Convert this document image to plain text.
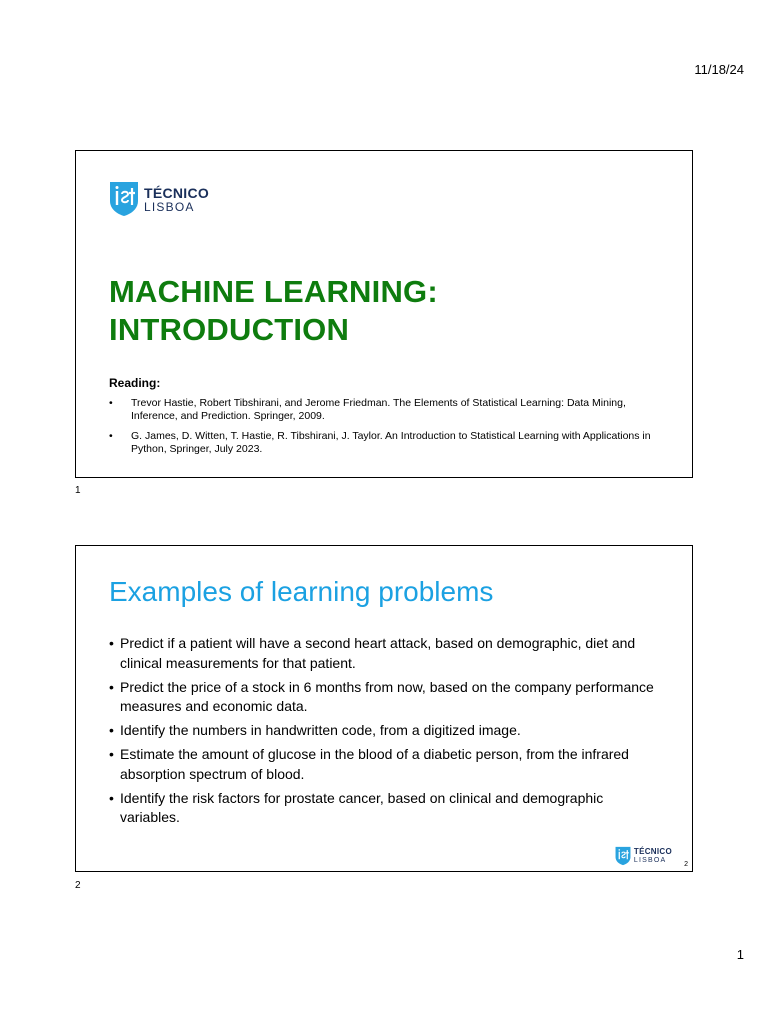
11/18/24
TÉCNICO
LISBOA
MACHINE LEARNING:
INTRODUCTION
Reading:
• Trevor Hastie, Robert Tibshirani, and Jerome Friedman. The Elements of Statistical Learning: Data Mining, Inference, and Prediction. Springer, 2009.
• G. James, D. Witten, T. Hastie, R. Tibshirani, J. Taylor. An Introduction to Statistical Learning with Applications in Python, Springer, July 2023.
1
Examples of learning problems
• Predict if a patient will have a second heart attack, based on demographic, diet and clinical measurements for that patient.
• Predict the price of a stock in 6 months from now, based on the company performance measures and economic data.
• Identify the numbers in handwritten code, from a digitized image.
• Estimate the amount of glucose in the blood of a diabetic person, from the infrared absorption spectrum of blood.
• Identify the risk factors for prostate cancer, based on clinical and demographic variables.
TÉCNICO
LISBOA
2
2
1
